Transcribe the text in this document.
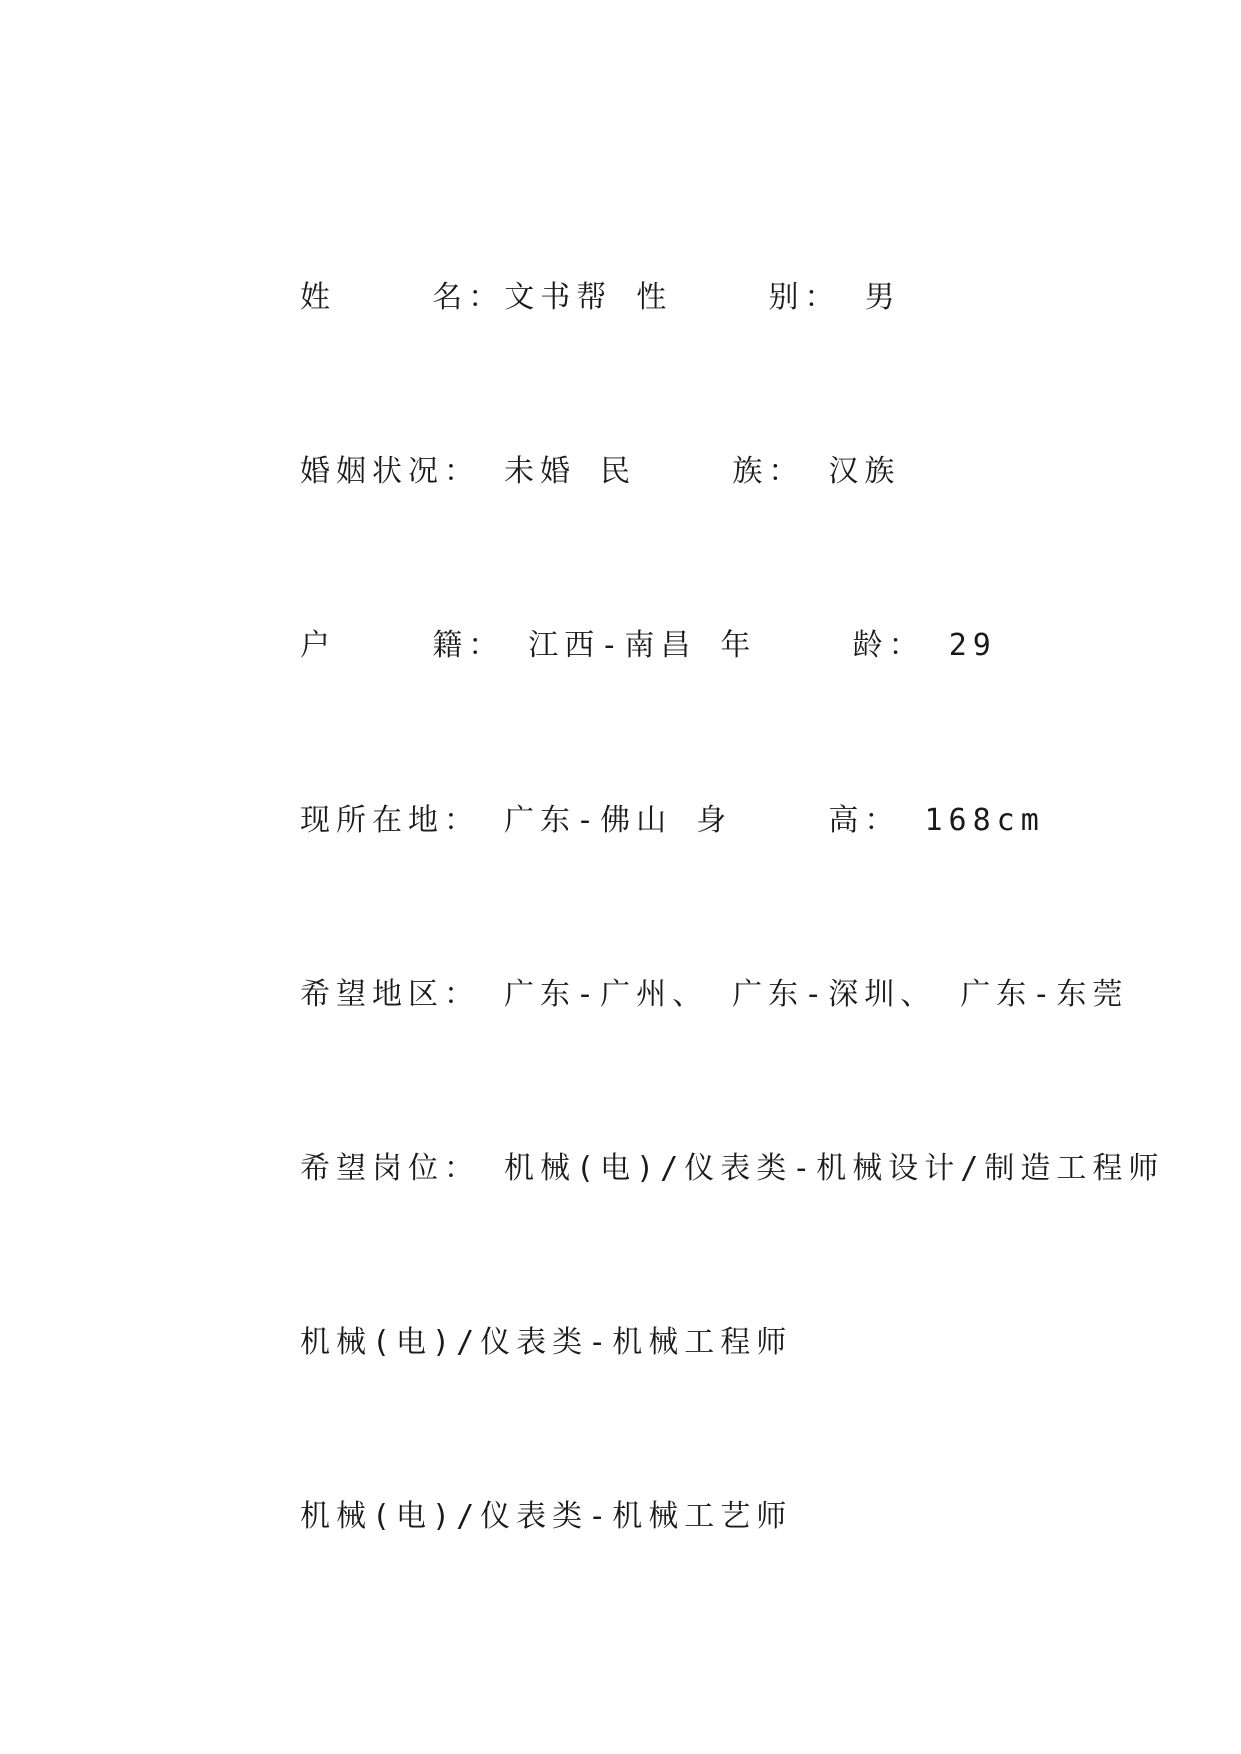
姓    名：文书帮 性    别： 男

婚姻状况： 未婚 民    族： 汉族

户    籍： 江西-南昌 年    龄： 29

现所在地： 广东-佛山 身    高： 168cm

希望地区： 广东-广州、 广东-深圳、 广东-东莞

希望岗位： 机械(电)/仪表类-机械设计/制造工程师

机械(电)/仪表类-机械工程师

机械(电)/仪表类-机械工艺师
